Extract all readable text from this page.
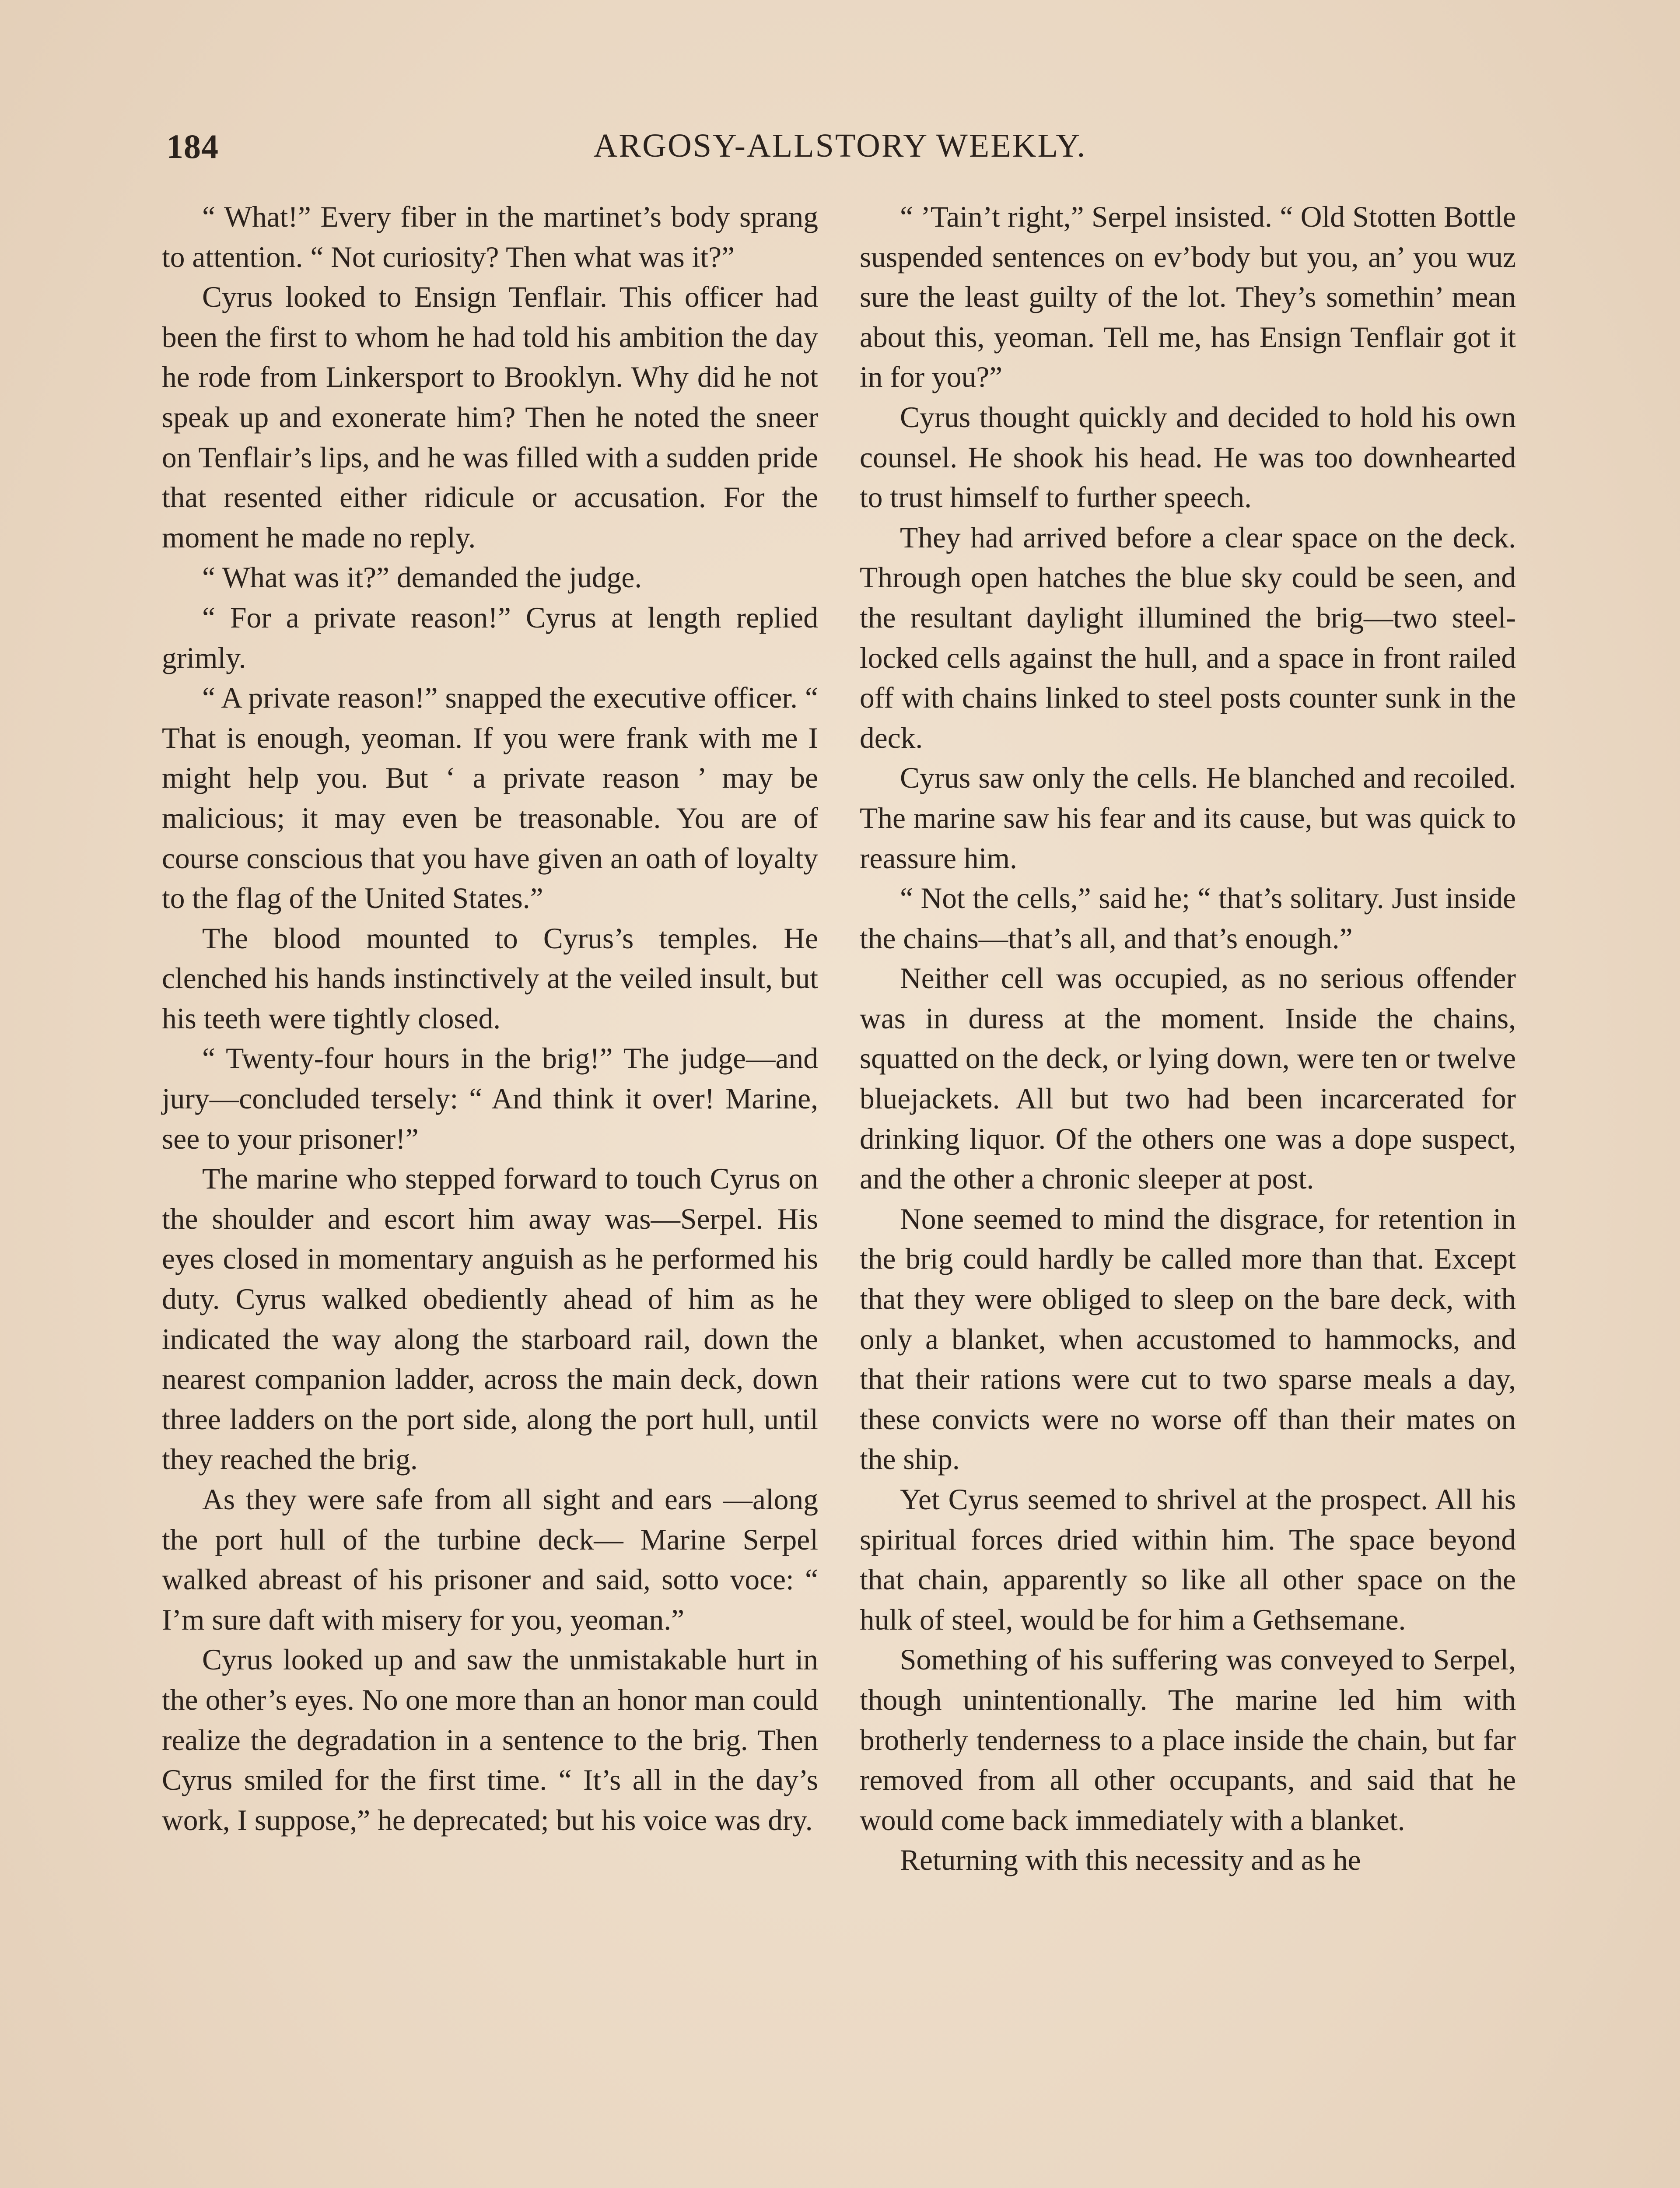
184	ARGOSY-ALLSTORY WEEKLY.

“ What!” Every fiber in the martinet’s body sprang to attention. “ Not curiosity? Then what was it?”

Cyrus looked to Ensign Tenflair. This officer had been the first to whom he had told his ambition the day he rode from Linkersport to Brooklyn. Why did he not speak up and exonerate him? Then he noted the sneer on Tenflair’s lips, and he was filled with a sudden pride that resented either ridicule or accusation. For the moment he made no reply.

“ What was it?” demanded the judge.

“ For a private reason!” Cyrus at length replied grimly.

“ A private reason!” snapped the executive officer. “ That is enough, yeoman. If you were frank with me I might help you. But ‘ a private reason ’ may be malicious; it may even be treasonable. You are of course conscious that you have given an oath of loyalty to the flag of the United States.”

The blood mounted to Cyrus’s temples. He clenched his hands instinctively at the veiled insult, but his teeth were tightly closed.

“ Twenty-four hours in the brig!” The judge—and jury—concluded tersely: “ And think it over! Marine, see to your prisoner!”

The marine who stepped forward to touch Cyrus on the shoulder and escort him away was—Serpel. His eyes closed in momentary anguish as he performed his duty. Cyrus walked obediently ahead of him as he indicated the way along the starboard rail, down the nearest companion ladder, across the main deck, down three ladders on the port side, along the port hull, until they reached the brig.

As they were safe from all sight and ears —along the port hull of the turbine deck— Marine Serpel walked abreast of his prisoner and said, sotto voce: “ I’m sure daft with misery for you, yeoman.”

Cyrus looked up and saw the unmistakable hurt in the other’s eyes. No one more than an honor man could realize the degradation in a sentence to the brig. Then Cyrus smiled for the first time. “ It’s all in the day’s work, I suppose,” he deprecated; but his voice was dry.

“ ’Tain’t right,” Serpel insisted. “ Old Stotten Bottle suspended sentences on ev’body but you, an’ you wuz sure the least guilty of the lot. They’s somethin’ mean about this, yeoman. Tell me, has Ensign Tenflair got it in for you?”

Cyrus thought quickly and decided to hold his own counsel. He shook his head. He was too downhearted to trust himself to further speech.

They had arrived before a clear space on the deck. Through open hatches the blue sky could be seen, and the resultant daylight illumined the brig—two steel-locked cells against the hull, and a space in front railed off with chains linked to steel posts counter sunk in the deck.

Cyrus saw only the cells. He blanched and recoiled. The marine saw his fear and its cause, but was quick to reassure him.

“ Not the cells,” said he; “ that’s solitary. Just inside the chains—that’s all, and that’s enough.”

Neither cell was occupied, as no serious offender was in duress at the moment. Inside the chains, squatted on the deck, or lying down, were ten or twelve bluejackets. All but two had been incarcerated for drinking liquor. Of the others one was a dope suspect, and the other a chronic sleeper at post.

None seemed to mind the disgrace, for retention in the brig could hardly be called more than that. Except that they were obliged to sleep on the bare deck, with only a blanket, when accustomed to hammocks, and that their rations were cut to two sparse meals a day, these convicts were no worse off than their mates on the ship.

Yet Cyrus seemed to shrivel at the prospect. All his spiritual forces dried within him. The space beyond that chain, apparently so like all other space on the hulk of steel, would be for him a Gethsemane.

Something of his suffering was conveyed to Serpel, though unintentionally. The marine led him with brotherly tenderness to a place inside the chain, but far removed from all other occupants, and said that he would come back immediately with a blanket.

Returning with this necessity and as he
